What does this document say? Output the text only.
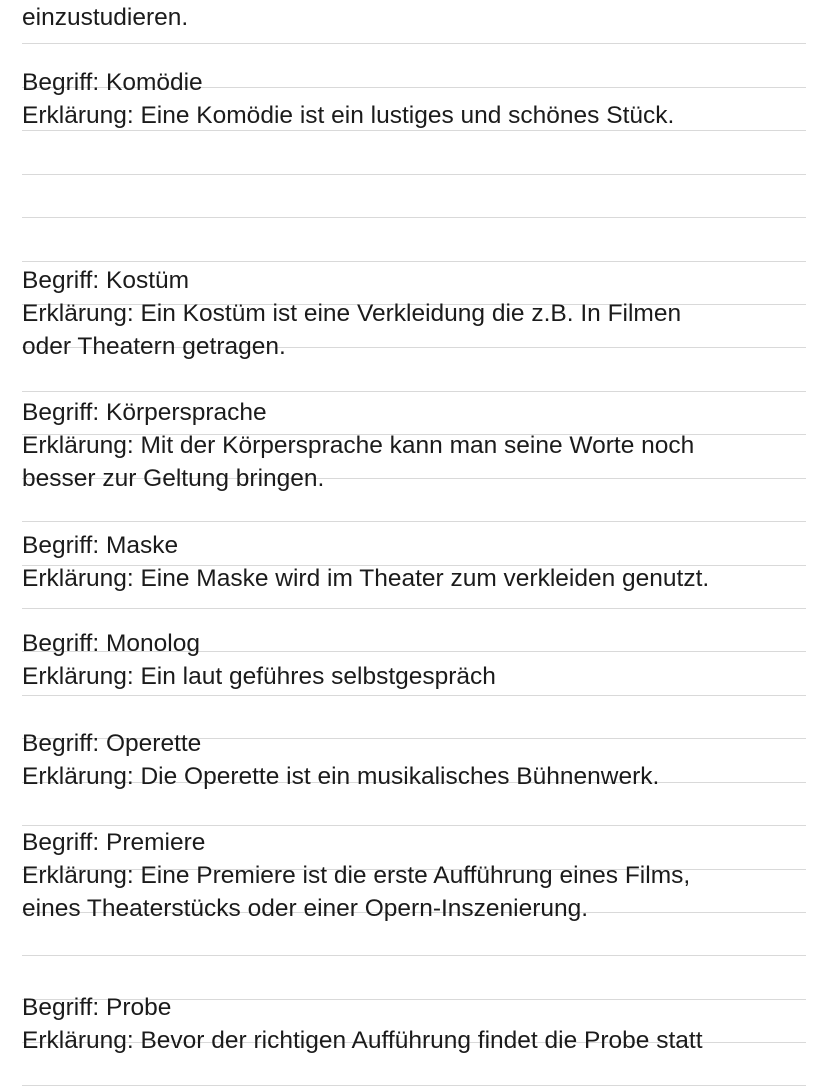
einzustudieren.
Begriff: Komödie
Erklärung: Eine Komödie ist ein lustiges und schönes Stück.
Begriff: Kostüm
Erklärung: Ein Kostüm ist eine Verkleidung die z.B. In Filmen
oder Theatern getragen.
Begriff: Körpersprache
Erklärung: Mit der Körpersprache kann man seine Worte noch
besser zur Geltung bringen.
Begriff: Maske
Erklärung: Eine Maske wird im Theater zum verkleiden genutzt.
Begriff: Monolog
Erklärung: Ein laut geführes selbstgespräch
Begriff: Operette
Erklärung: Die Operette ist ein musikalisches Bühnenwerk.
Begriff: Premiere
Erklärung: Eine Premiere ist die erste Aufführung eines Films,
eines Theaterstücks oder einer Opern-Inszenierung.
Begriff: Probe
Erklärung: Bevor der richtigen Aufführung findet die Probe statt
